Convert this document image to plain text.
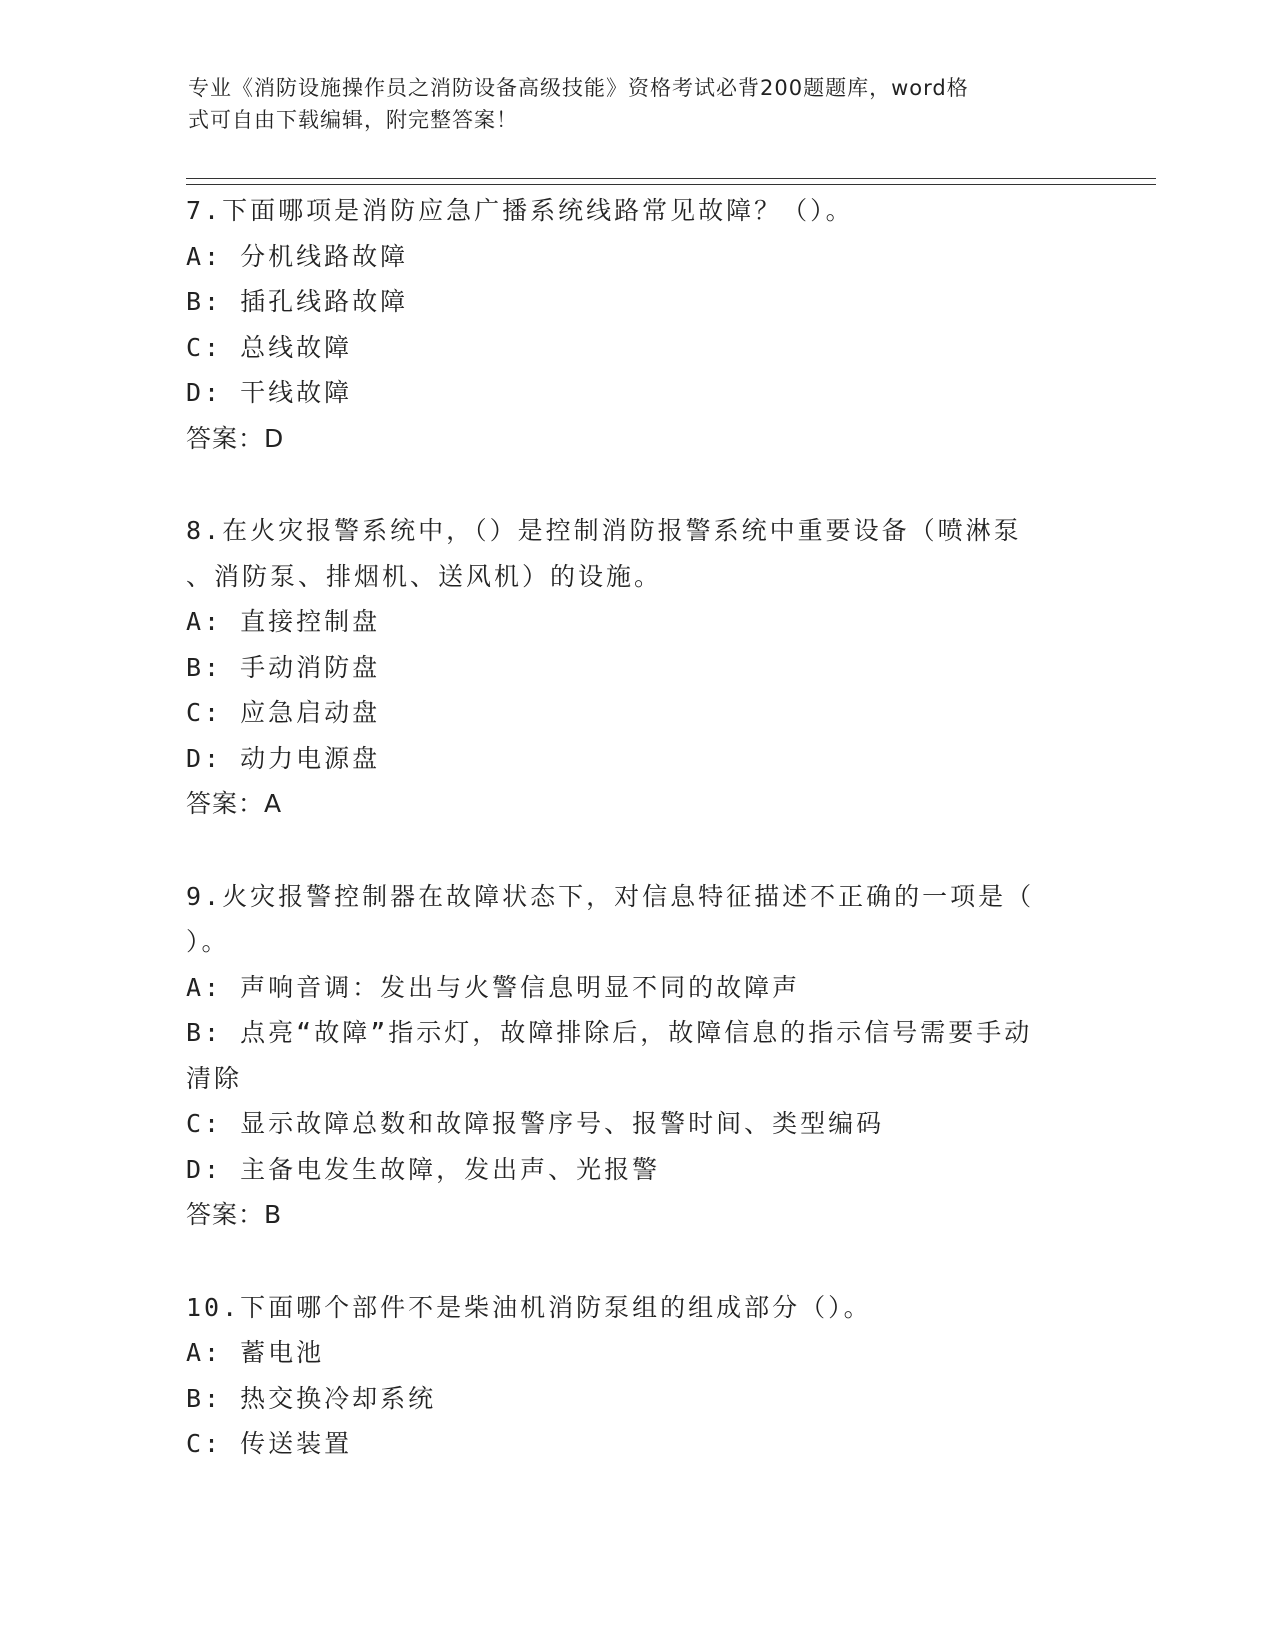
专业《消防设施操作员之消防设备高级技能》资格考试必背200题题库，word格
式可自由下载编辑，附完整答案！
7.下面哪项是消防应急广播系统线路常见故障？（）。
A: 分机线路故障
B: 插孔线路故障
C: 总线故障
D: 干线故障
答案：D
8.在火灾报警系统中，（）是控制消防报警系统中重要设备（喷淋泵
、消防泵、排烟机、送风机）的设施。
A: 直接控制盘
B: 手动消防盘
C: 应急启动盘
D: 动力电源盘
答案：A
9.火灾报警控制器在故障状态下，对信息特征描述不正确的一项是（
）。
A: 声响音调：发出与火警信息明显不同的故障声
B: 点亮“故障”指示灯，故障排除后，故障信息的指示信号需要手动
清除
C: 显示故障总数和故障报警序号、报警时间、类型编码
D: 主备电发生故障，发出声、光报警
答案：B
10.下面哪个部件不是柴油机消防泵组的组成部分（）。
A: 蓄电池
B: 热交换冷却系统
C: 传送装置
